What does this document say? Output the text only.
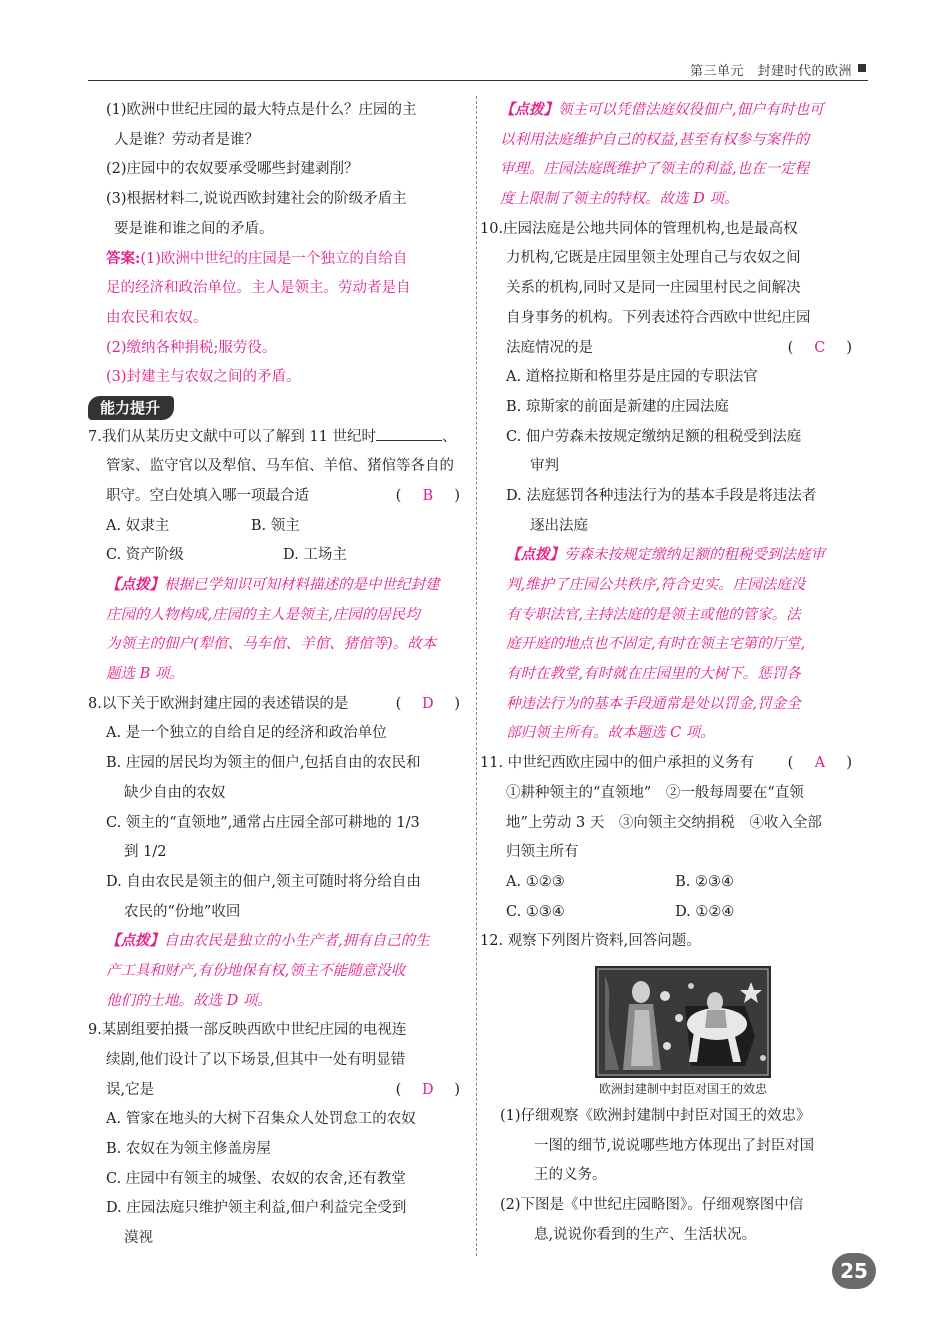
第三单元　封建时代的欧洲
(1)欧洲中世纪庄园的最大特点是什么？庄园的主
人是谁？劳动者是谁？
(2)庄园中的农奴要承受哪些封建剥削？
(3)根据材料二,说说西欧封建社会的阶级矛盾主
要是谁和谁之间的矛盾。
答案:(1)欧洲中世纪的庄园是一个独立的自给自
足的经济和政治单位。主人是领主。劳动者是自
由农民和农奴。
(2)缴纳各种捐税;服劳役。
(3)封建主与农奴之间的矛盾。
能力提升
7.我们从某历史文献中可以了解到 11 世纪时	、
管家、监守官以及犁倌、马车倌、羊倌、猪倌等各自的
职守。空白处填入哪一项最合适	(　B　)
A. 奴隶主	B. 领主
C. 资产阶级	D. 工场主
【点拨】根据已学知识可知材料描述的是中世纪封建
庄园的人物构成,庄园的主人是领主,庄园的居民均
为领主的佃户(犁倌、马车倌、羊倌、猪倌等)。故本
题选 B 项。
8.以下关于欧洲封建庄园的表述错误的是	(　D　)
A. 是一个独立的自给自足的经济和政治单位
B. 庄园的居民均为领主的佃户,包括自由的农民和
缺少自由的农奴
C. 领主的“直领地”,通常占庄园全部可耕地的 1/3
到 1/2
D. 自由农民是领主的佃户,领主可随时将分给自由
农民的“份地”收回
【点拨】自由农民是独立的小生产者,拥有自己的生
产工具和财产,有份地保有权,领主不能随意没收
他们的土地。故选 D 项。
9.某剧组要拍摄一部反映西欧中世纪庄园的电视连
续剧,他们设计了以下场景,但其中一处有明显错
误,它是	(　D　)
A. 管家在地头的大树下召集众人处罚怠工的农奴
B. 农奴在为领主修盖房屋
C. 庄园中有领主的城堡、农奴的农舍,还有教堂
D. 庄园法庭只维护领主利益,佃户利益完全受到
漠视
【点拨】领主可以凭借法庭奴役佃户,佃户有时也可
以利用法庭维护自己的权益,甚至有权参与案件的
审理。庄园法庭既维护了领主的利益,也在一定程
度上限制了领主的特权。故选 D 项。
10.庄园法庭是公地共同体的管理机构,也是最高权
力机构,它既是庄园里领主处理自己与农奴之间
关系的机构,同时又是同一庄园里村民之间解决
自身事务的机构。下列表述符合西欧中世纪庄园
法庭情况的是	(　C　)
A. 道格拉斯和格里芬是庄园的专职法官
B. 琼斯家的前面是新建的庄园法庭
C. 佃户劳森未按规定缴纳足额的租税受到法庭
审判
D. 法庭惩罚各种违法行为的基本手段是将违法者
逐出法庭
【点拨】劳森未按规定缴纳足额的租税受到法庭审
判,维护了庄园公共秩序,符合史实。庄园法庭没
有专职法官,主持法庭的是领主或他的管家。法
庭开庭的地点也不固定,有时在领主宅第的厅堂,
有时在教堂,有时就在庄园里的大树下。惩罚各
种违法行为的基本手段通常是处以罚金,罚金全
部归领主所有。故本题选 C 项。
11. 中世纪西欧庄园中的佃户承担的义务有 (　A　)
①耕种领主的“直领地”　②一般每周要在“直领
地”上劳动 3 天　③向领主交纳捐税　④收入全部
归领主所有
A. ①②③	B. ②③④
C. ①③④	D. ①②④
12. 观察下列图片资料,回答问题。
欧洲封建制中封臣对国王的效忠
(1)仔细观察《欧洲封建制中封臣对国王的效忠》
一图的细节,说说哪些地方体现出了封臣对国
王的义务。
(2)下图是《中世纪庄园略图》。仔细观察图中信
息,说说你看到的生产、生活状况。
25
